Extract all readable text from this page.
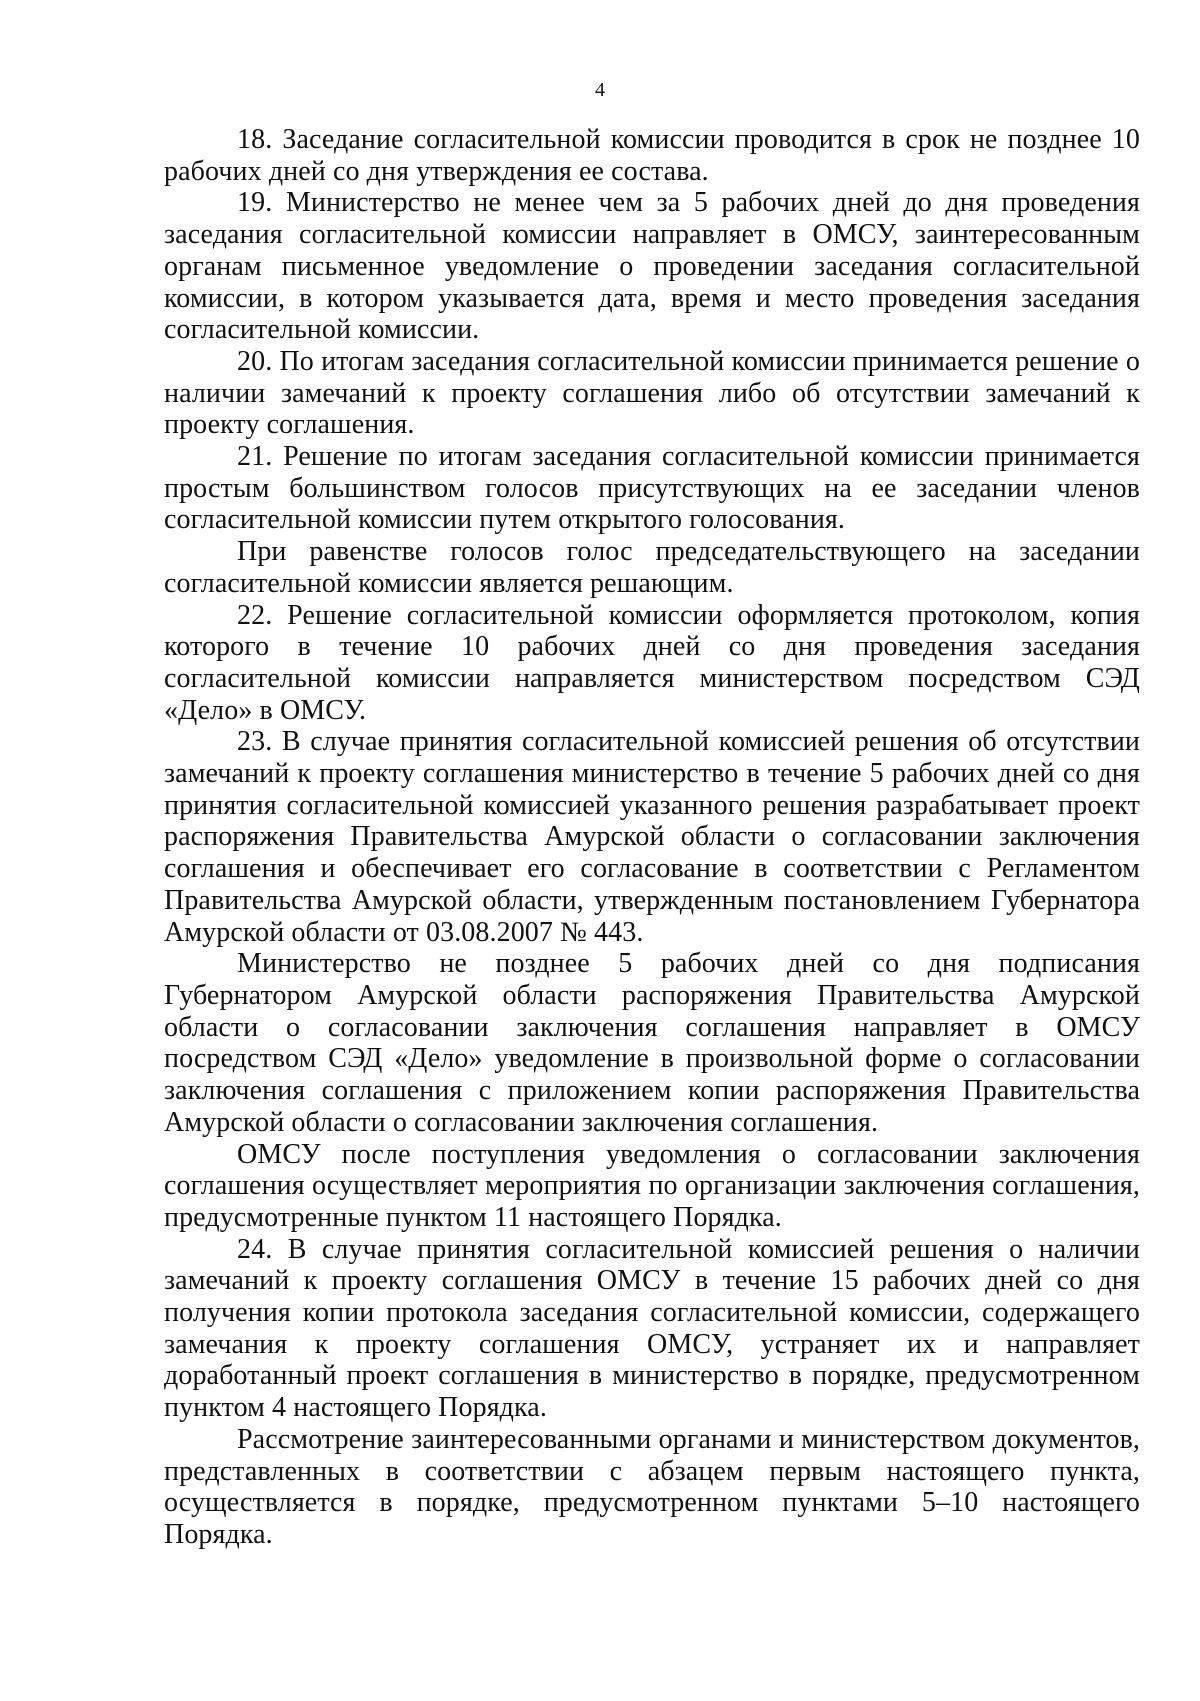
4

18. Заседание согласительной комиссии проводится в срок не позднее 10 рабочих дней со дня утверждения ее состава.

19. Министерство не менее чем за 5 рабочих дней до дня проведения заседания согласительной комиссии направляет в ОМСУ, заинтересованным органам письменное уведомление о проведении заседания согласительной комиссии, в котором указывается дата, время и место проведения заседания согласительной комиссии.

20. По итогам заседания согласительной комиссии принимается решение о наличии замечаний к проекту соглашения либо об отсутствии замечаний к проекту соглашения.

21. Решение по итогам заседания согласительной комиссии принимается простым большинством голосов присутствующих на ее заседании членов согласительной комиссии путем открытого голосования.

При равенстве голосов голос председательствующего на заседании согласительной комиссии является решающим.

22. Решение согласительной комиссии оформляется протоколом, копия которого в течение 10 рабочих дней со дня проведения заседания согласительной комиссии направляется министерством посредством СЭД «Дело» в ОМСУ.

23. В случае принятия согласительной комиссией решения об отсутствии замечаний к проекту соглашения министерство в течение 5 рабочих дней со дня принятия согласительной комиссией указанного решения разрабатывает проект распоряжения Правительства Амурской области о согласовании заключения соглашения и обеспечивает его согласование в соответствии с Регламентом Правительства Амурской области, утвержденным постановлением Губернатора Амурской области от 03.08.2007 № 443.

Министерство не позднее 5 рабочих дней со дня подписания Губернатором Амурской области распоряжения Правительства Амурской области о согласовании заключения соглашения направляет в ОМСУ посредством СЭД «Дело» уведомление в произвольной форме о согласовании заключения соглашения с приложением копии распоряжения Правительства Амурской области о согласовании заключения соглашения.

ОМСУ после поступления уведомления о согласовании заключения соглашения осуществляет мероприятия по организации заключения соглашения, предусмотренные пунктом 11 настоящего Порядка.

24. В случае принятия согласительной комиссией решения о наличии замечаний к проекту соглашения ОМСУ в течение 15 рабочих дней со дня получения копии протокола заседания согласительной комиссии, содержащего замечания к проекту соглашения ОМСУ, устраняет их и направляет доработанный проект соглашения в министерство в порядке, предусмотренном пунктом 4 настоящего Порядка.

Рассмотрение заинтересованными органами и министерством документов, представленных в соответствии с абзацем первым настоящего пункта, осуществляется в порядке, предусмотренном пунктами 5–10 настоящего Порядка.
